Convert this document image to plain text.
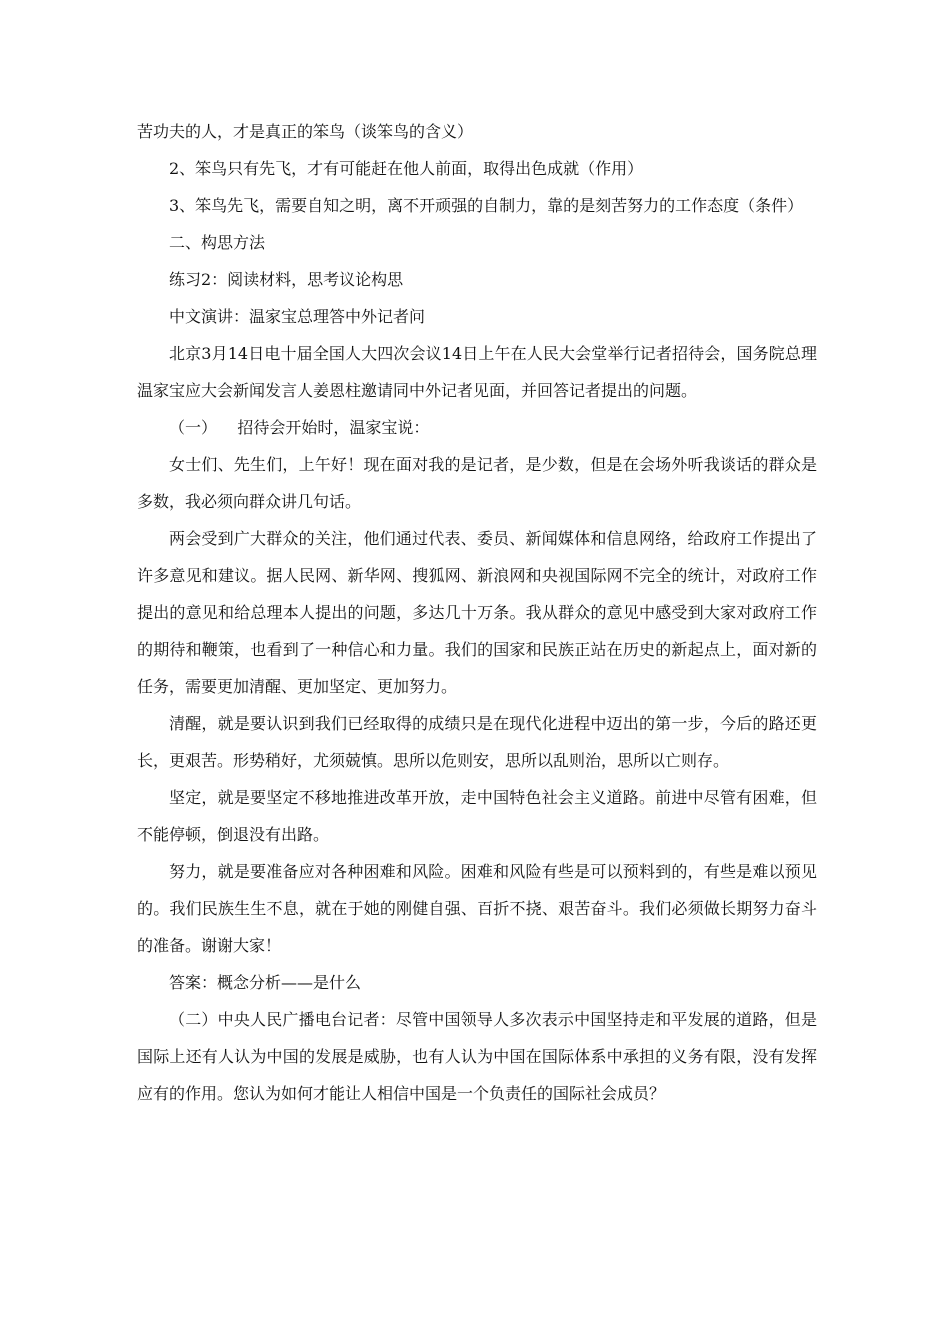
苦功夫的人，才是真正的笨鸟（谈笨鸟的含义）

2、笨鸟只有先飞，才有可能赶在他人前面，取得出色成就（作用）

3、笨鸟先飞，需要自知之明，离不开顽强的自制力，靠的是刻苦努力的工作态度（条件）

二、构思方法

练习2：阅读材料，思考议论构思

中文演讲：温家宝总理答中外记者问

北京3月14日电十届全国人大四次会议14日上午在人民大会堂举行记者招待会，国务院总理温家宝应大会新闻发言人姜恩柱邀请同中外记者见面，并回答记者提出的问题。

（一）    招待会开始时，温家宝说：

女士们、先生们，上午好！现在面对我的是记者，是少数，但是在会场外听我谈话的群众是多数，我必须向群众讲几句话。

两会受到广大群众的关注，他们通过代表、委员、新闻媒体和信息网络，给政府工作提出了许多意见和建议。据人民网、新华网、搜狐网、新浪网和央视国际网不完全的统计，对政府工作提出的意见和给总理本人提出的问题，多达几十万条。我从群众的意见中感受到大家对政府工作的期待和鞭策，也看到了一种信心和力量。我们的国家和民族正站在历史的新起点上，面对新的任务，需要更加清醒、更加坚定、更加努力。

清醒，就是要认识到我们已经取得的成绩只是在现代化进程中迈出的第一步，今后的路还更长，更艰苦。形势稍好，尤须兢慎。思所以危则安，思所以乱则治，思所以亡则存。

坚定，就是要坚定不移地推进改革开放，走中国特色社会主义道路。前进中尽管有困难，但不能停顿，倒退没有出路。

努力，就是要准备应对各种困难和风险。困难和风险有些是可以预料到的，有些是难以预见的。我们民族生生不息，就在于她的刚健自强、百折不挠、艰苦奋斗。我们必须做长期努力奋斗的准备。谢谢大家！

答案：概念分析——是什么

（二）中央人民广播电台记者：尽管中国领导人多次表示中国坚持走和平发展的道路，但是国际上还有人认为中国的发展是威胁，也有人认为中国在国际体系中承担的义务有限，没有发挥应有的作用。您认为如何才能让人相信中国是一个负责任的国际社会成员？
